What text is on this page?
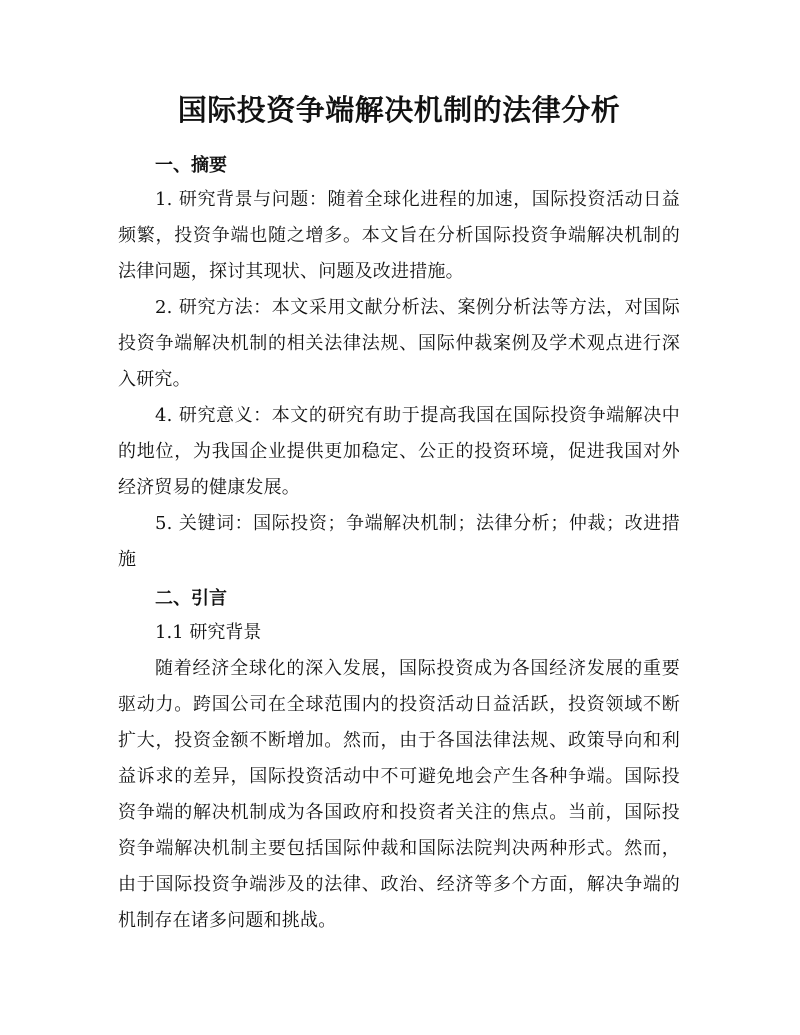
国际投资争端解决机制的法律分析
一、摘要

1. 研究背景与问题：随着全球化进程的加速，国际投资活动日益频繁，投资争端也随之增多。本文旨在分析国际投资争端解决机制的法律问题，探讨其现状、问题及改进措施。

2. 研究方法：本文采用文献分析法、案例分析法等方法，对国际投资争端解决机制的相关法律法规、国际仲裁案例及学术观点进行深入研究。

4. 研究意义：本文的研究有助于提高我国在国际投资争端解决中的地位，为我国企业提供更加稳定、公正的投资环境，促进我国对外经济贸易的健康发展。

5. 关键词：国际投资；争端解决机制；法律分析；仲裁；改进措施

二、引言
1.1 研究背景

随着经济全球化的深入发展，国际投资成为各国经济发展的重要驱动力。跨国公司在全球范围内的投资活动日益活跃，投资领域不断扩大，投资金额不断增加。然而，由于各国法律法规、政策导向和利益诉求的差异，国际投资活动中不可避免地会产生各种争端。国际投资争端的解决机制成为各国政府和投资者关注的焦点。当前，国际投资争端解决机制主要包括国际仲裁和国际法院判决两种形式。然而，由于国际投资争端涉及的法律、政治、经济等多个方面，解决争端的机制存在诸多问题和挑战。
